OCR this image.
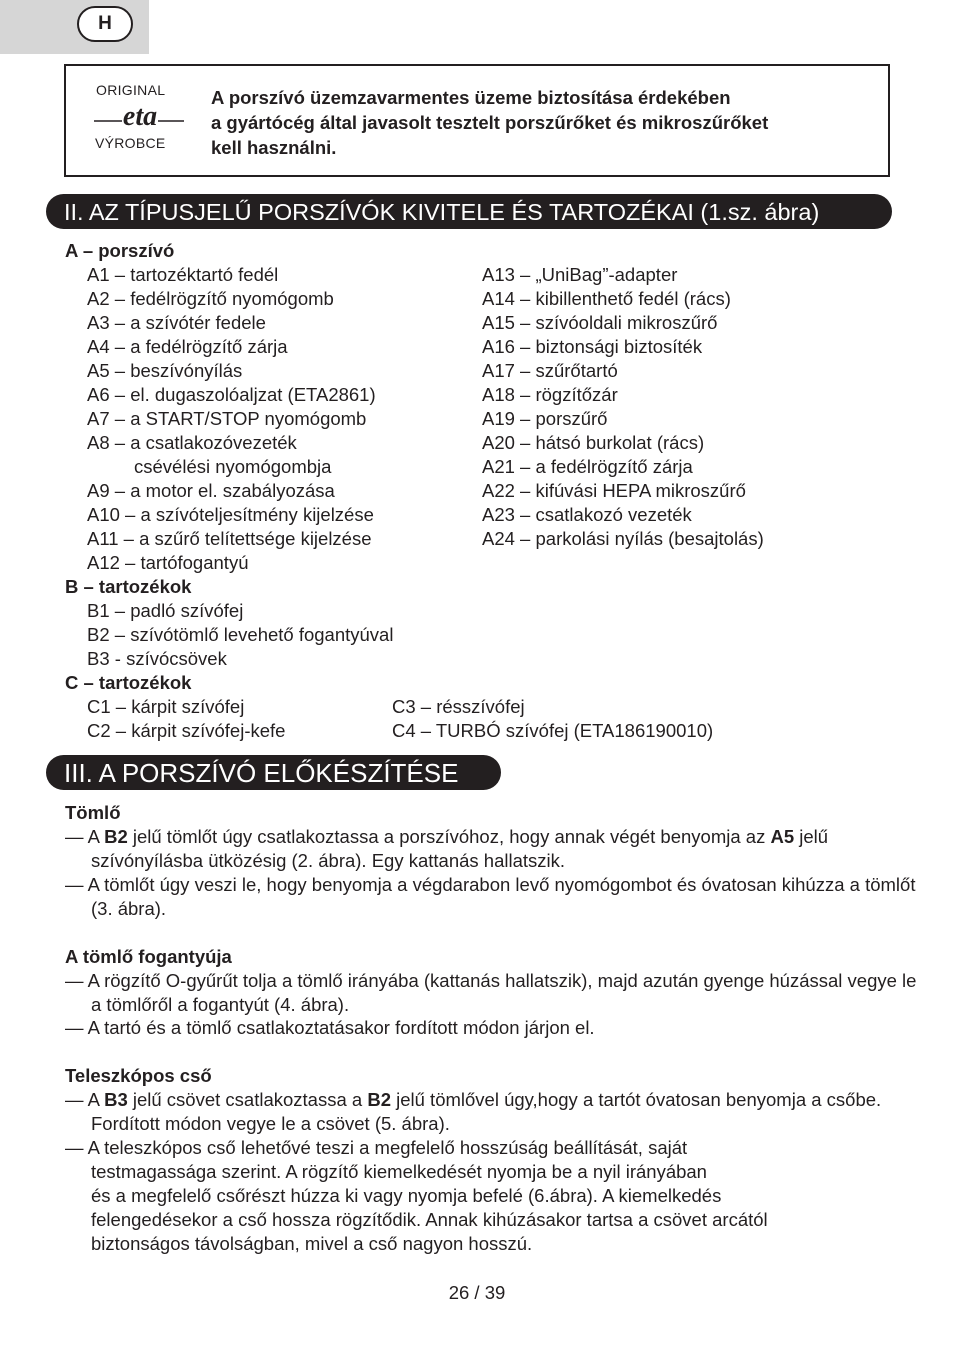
H
ORIGINAL
eta
VÝROBCE
A porszívó üzemzavarmentes üzeme biztosítása érdekében
a gyártócég által javasolt tesztelt porszűrőket és mikroszűrőket
kell használni.
II. AZ TÍPUSJELŰ PORSZÍVÓK KIVITELE ÉS TARTOZÉKAI (1.sz. ábra)
A – porszívó
A1 – tartozéktartó fedél
A2 – fedélrögzítő nyomógomb
A3 – a szívótér fedele
A4 – a fedélrögzítő zárja
A5 – beszívónyílás
A6 – el. dugaszolóaljzat (ETA2861)
A7 – a START/STOP nyomógomb
A8 – a csatlakozóvezeték
csévélési nyomógombja
A9 – a motor el. szabályozása
A10 – a szívóteljesítmény kijelzése
A11 – a szűrő telítettsége kijelzése
A12 – tartófogantyú
A13 – „UniBag”-adapter
A14 – kibillenthető fedél (rács)
A15 – szívóoldali mikroszűrő
A16 – biztonsági biztosíték
A17 – szűrőtartó
A18 – rögzítőzár
A19 – porszűrő
A20 – hátsó burkolat (rács)
A21 – a fedélrögzítő zárja
A22 – kifúvási HEPA mikroszűrő
A23 – csatlakozó vezeték
A24 – parkolási nyílás (besajtolás)
B – tartozékok
B1 – padló szívófej
B2 – szívótömlő levehető fogantyúval
B3 - szívócsövek
C – tartozékok
C1 – kárpit szívófej
C2 – kárpit szívófej-kefe
C3 – résszívófej
C4 – TURBÓ szívófej (ETA186190010)
III. A PORSZÍVÓ ELŐKÉSZÍTÉSE
Tömlő
— A B2 jelű tömlőt úgy csatlakoztassa a porszívóhoz, hogy annak végét benyomja az A5 jelű szívónyílásba ütközésig (2. ábra). Egy kattanás hallatszik.
— A tömlőt úgy veszi le, hogy benyomja a végdarabon levő nyomógombot és óvatosan kihúzza a tömlőt (3. ábra).
A tömlő fogantyúja
— A rögzítő O-gyűrűt tolja a tömlő irányába (kattanás hallatszik), majd azután gyenge húzással vegye le a tömlőről a fogantyút (4. ábra).
— A tartó és a tömlő csatlakoztatásakor fordított módon járjon el.
Teleszkópos cső
— A B3 jelű csövet csatlakoztassa a B2 jelű tömlővel úgy,hogy a tartót óvatosan benyomja a csőbe. Fordított módon vegye le a csövet (5. ábra).
— A teleszkópos cső lehetővé teszi a megfelelő hosszúság beállítását, saját
testmagassága szerint. A rögzítő kiemelkedését nyomja be a nyil irányában
és a megfelelő csőrészt húzza ki vagy nyomja befelé (6.ábra). A kiemelkedés
felengedésekor a cső hossza rögzítődik. Annak kihúzásakor tartsa a csövet arcától
biztonságos távolságban, mivel a cső nagyon hosszú.
26 / 39
